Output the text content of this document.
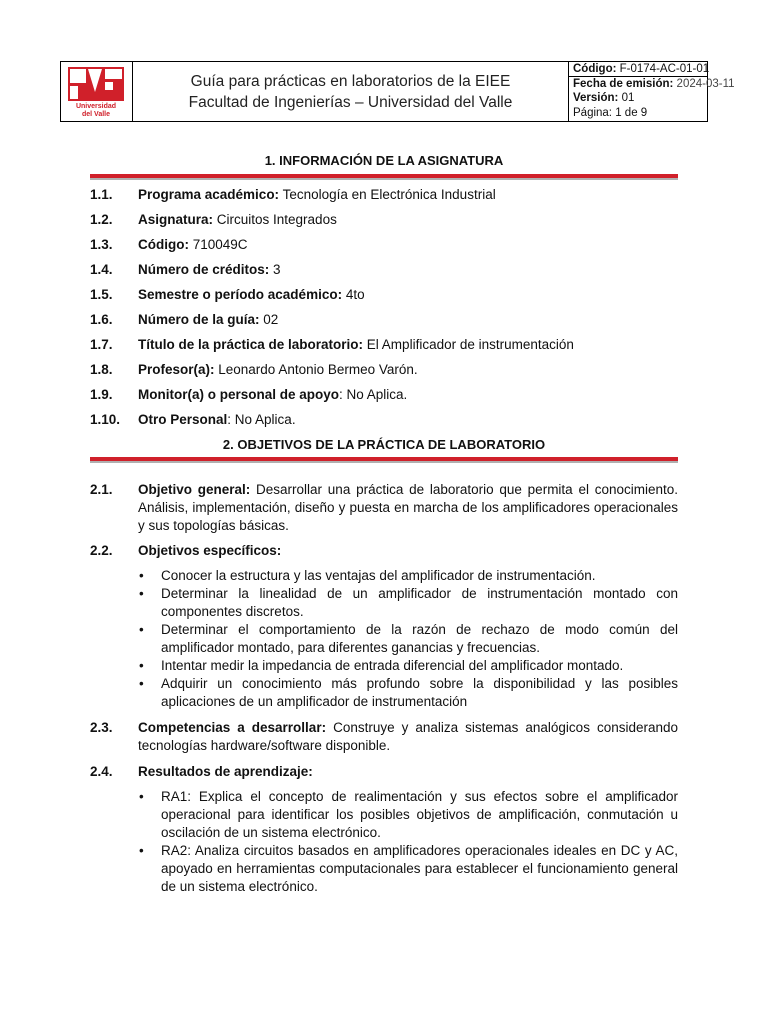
Universidad
del Valle
Guía para prácticas en laboratorios de la EIEE
Facultad de Ingenierías – Universidad del Valle
Código: F-0174-AC-01-01
Fecha de emisión: 2024-03-11
Versión: 01
Página: 1 de 9
1. INFORMACIÓN DE LA ASIGNATURA
1.1. Programa académico: Tecnología en Electrónica Industrial
1.2. Asignatura: Circuitos Integrados
1.3. Código: 710049C
1.4. Número de créditos: 3
1.5. Semestre o período académico: 4to
1.6. Número de la guía: 02
1.7. Título de la práctica de laboratorio: El Amplificador de instrumentación
1.8. Profesor(a): Leonardo Antonio Bermeo Varón.
1.9. Monitor(a) o personal de apoyo: No Aplica.
1.10. Otro Personal: No Aplica.
2. OBJETIVOS DE LA PRÁCTICA DE LABORATORIO
2.1. Objetivo general: Desarrollar una práctica de laboratorio que permita el conocimiento. Análisis, implementación, diseño y puesta en marcha de los amplificadores operacionales y sus topologías básicas.
2.2. Objetivos específicos:
• Conocer la estructura y las ventajas del amplificador de instrumentación.
• Determinar la linealidad de un amplificador de instrumentación montado con componentes discretos.
• Determinar el comportamiento de la razón de rechazo de modo común del amplificador montado, para diferentes ganancias y frecuencias.
• Intentar medir la impedancia de entrada diferencial del amplificador montado.
• Adquirir un conocimiento más profundo sobre la disponibilidad y las posibles aplicaciones de un amplificador de instrumentación
2.3. Competencias a desarrollar: Construye y analiza sistemas analógicos considerando tecnologías hardware/software disponible.
2.4. Resultados de aprendizaje:
• RA1: Explica el concepto de realimentación y sus efectos sobre el amplificador operacional para identificar los posibles objetivos de amplificación, conmutación u oscilación de un sistema electrónico.
• RA2: Analiza circuitos basados en amplificadores operacionales ideales en DC y AC, apoyado en herramientas computacionales para establecer el funcionamiento general de un sistema electrónico.
